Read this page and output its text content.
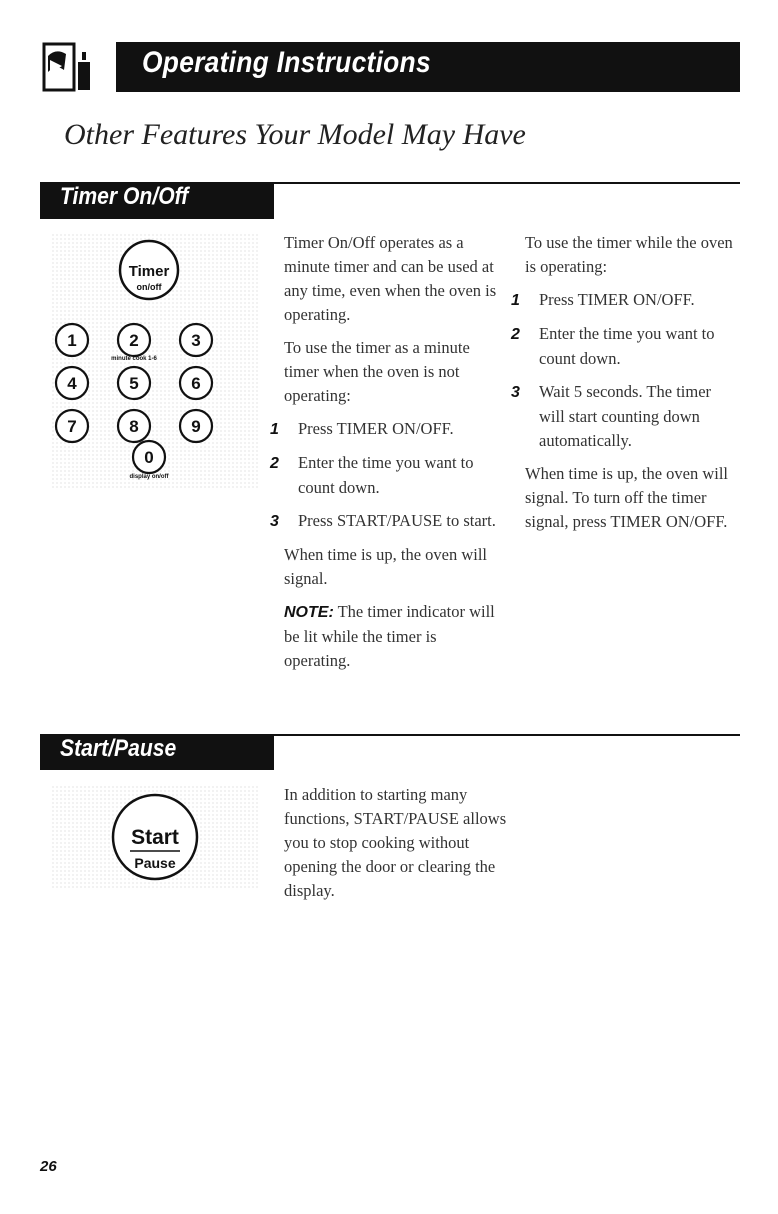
Operating Instructions
Other Features Your Model May Have
Timer On/Off
Timer
on/off
1	2	3
4	5	6
7	8	9
0
minute cook 1-6
display on/off

Timer On/Off operates as a minute timer and can be used at any time, even when the oven is operating.

To use the timer as a minute timer when the oven is not operating:

1 Press TIMER ON/OFF.
2 Enter the time you want to count down.
3 Press START/PAUSE to start.

When time is up, the oven will signal.

NOTE: The timer indicator will be lit while the timer is operating.

To use the timer while the oven is operating:

1 Press TIMER ON/OFF.
2 Enter the time you want to count down.
3 Wait 5 seconds. The timer will start counting down automatically.

When time is up, the oven will signal. To turn off the timer signal, press TIMER ON/OFF.

Start/Pause
Start
Pause

In addition to starting many functions, START/PAUSE allows you to stop cooking without opening the door or clearing the display.

26
